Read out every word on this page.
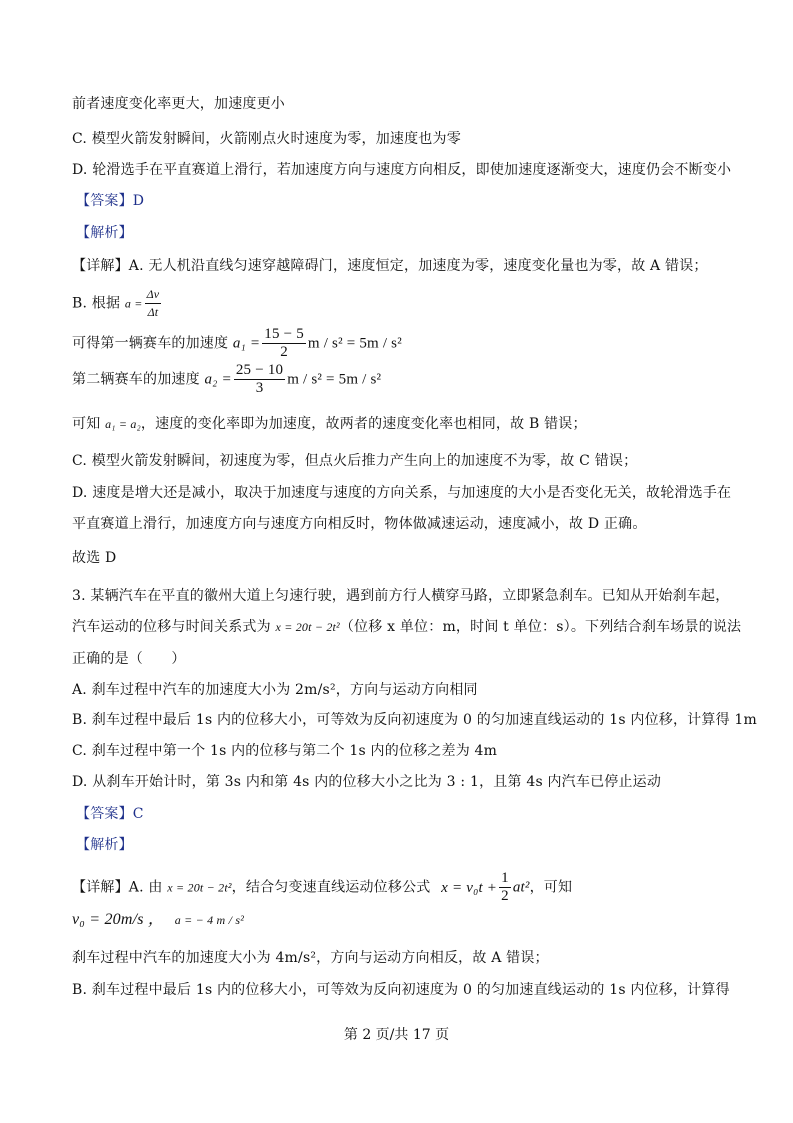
前者速度变化率更大，加速度更小
C. 模型火箭发射瞬间，火箭刚点火时速度为零，加速度也为零
D. 轮滑选手在平直赛道上滑行，若加速度方向与速度方向相反，即使加速度逐渐变大，速度仍会不断变小
【答案】D
【解析】
【详解】A. 无人机沿直线匀速穿越障碍门，速度恒定，加速度为零，速度变化量也为零，故 A 错误；
B. 根据 $a = \frac{\Delta v}{\Delta t}$
可得第一辆赛车的加速度 $a_1 = \frac{15 - 5}{2}$ m / s² = 5m / s²
第二辆赛车的加速度 $a_2 = \frac{25 - 10}{3}$ m / s² = 5m / s²
可知 a₁ = a₂，速度的变化率即为加速度，故两者的速度变化率也相同，故 B 错误；
C. 模型火箭发射瞬间，初速度为零，但点火后推力产生向上的加速度不为零，故 C 错误；
D. 速度是增大还是减小，取决于加速度与速度的方向关系，与加速度的大小是否变化无关，故轮滑选手在
平直赛道上滑行，加速度方向与速度方向相反时，物体做减速运动，速度减小，故 D 正确。
故选 D
3. 某辆汽车在平直的徽州大道上匀速行驶，遇到前方行人横穿马路，立即紧急刹车。已知从开始刹车起，
汽车运动的位移与时间关系式为 x = 20t − 2t²（位移 x 单位：m，时间 t 单位：s）。下列结合刹车场景的说法
正确的是（　　）
A. 刹车过程中汽车的加速度大小为 2m/s²，方向与运动方向相同
B. 刹车过程中最后 1s 内的位移大小，可等效为反向初速度为 0 的匀加速直线运动的 1s 内位移，计算得 1m
C. 刹车过程中第一个 1s 内的位移与第二个 1s 内的位移之差为 4m
D. 从刹车开始计时，第 3s 内和第 4s 内的位移大小之比为 3 : 1，且第 4s 内汽车已停止运动
【答案】C
【解析】
【详解】A. 由 x = 20t − 2t²，结合匀变速直线运动位移公式 $x = v_0t + \frac{1}{2} at^2$，可知
v₀ = 20m/s ， a = − 4 m / s²
刹车过程中汽车的加速度大小为 4m/s²，方向与运动方向相反，故 A 错误；
B. 刹车过程中最后 1s 内的位移大小，可等效为反向初速度为 0 的匀加速直线运动的 1s 内位移，计算得
第 2 页/共 17 页
